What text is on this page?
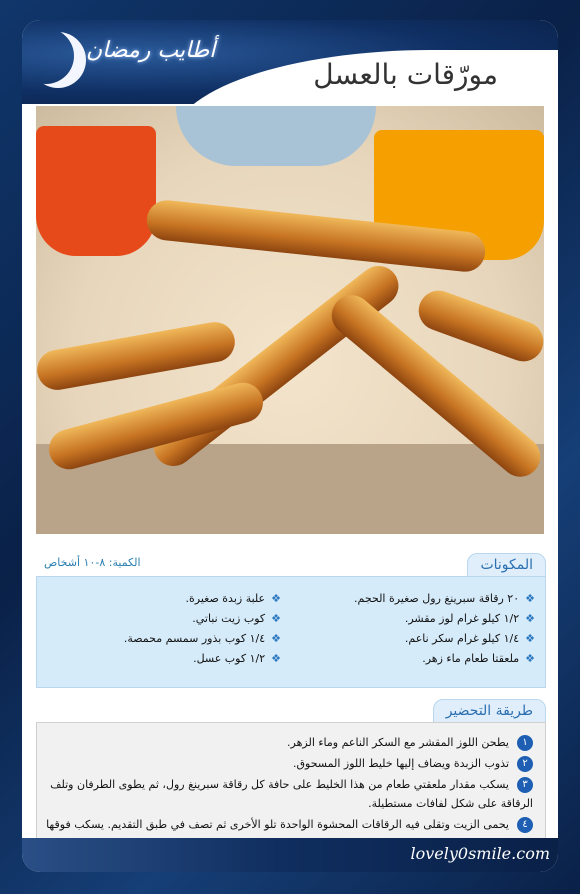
أطايب رمضان
مورّقات بالعسل
الكمية: ٨-١٠ أشخاص	المكونات
❖٢٠ رقاقة سبرينغ رول صغيرة الحجم.
❖١/٢ كيلو غرام لوز مقشر.
❖١/٤ كيلو غرام سكر ناعم.
❖ملعقتا طعام ماء زهر.
❖علبة زبدة صغيرة.
❖كوب زيت نباتي.
❖١/٤ كوب بذور سمسم محمصة.
❖١/٢ كوب عسل.
طريقة التحضير
١يطحن اللوز المقشر مع السكر الناعم وماء الزهر.
٢تذوب الزبدة ويضاف إليها خليط اللوز المسحوق.
٣يسكب مقدار ملعقتي طعام من هذا الخليط على حافة كل رقاقة سبرينغ رول، ثم يطوى الطرفان وتلف الرقاقة على شكل لفافات مستطيلة.
٤يحمى الزيت وتقلى فيه الرقاقات المحشوة الواحدة تلو الأخرى ثم تصف في طبق التقديم. يسكب فوقها
lovely0smile.com
